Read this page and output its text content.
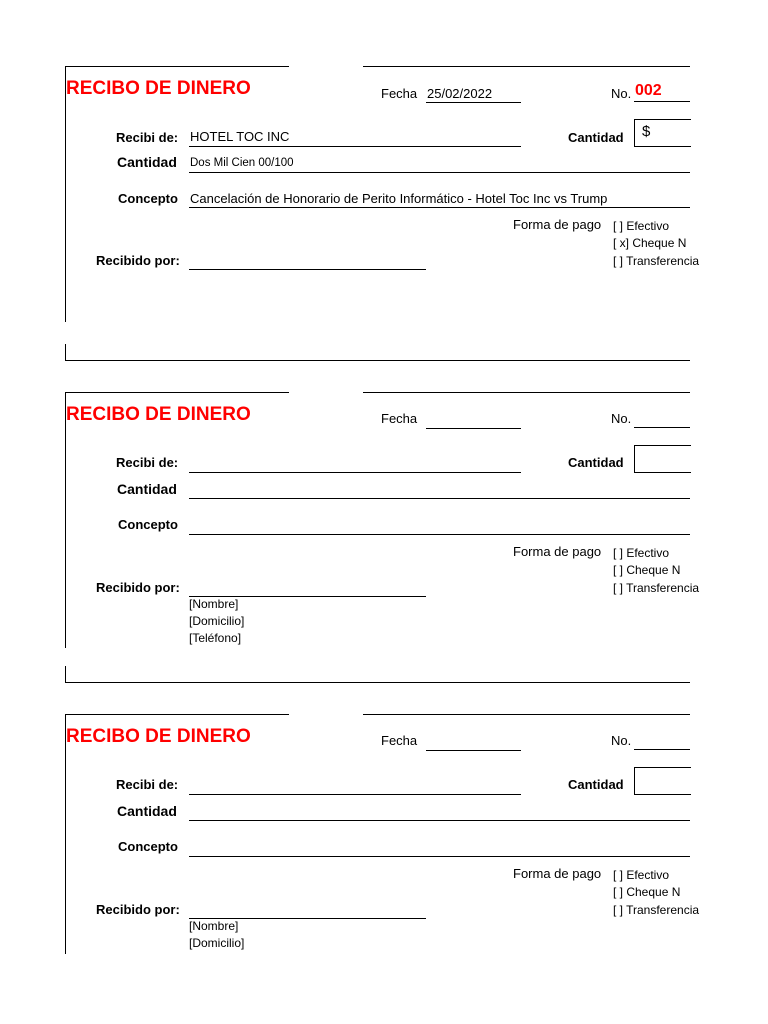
RECIBO DE DINERO	Fecha 25/02/2022	No. 002
Recibi de: HOTEL TOC INC	Cantidad $
Cantidad Dos Mil Cien 00/100
Concepto Cancelación de Honorario de Perito Informático - Hotel Toc Inc vs Trump
Forma de pago [ ] Efectivo
[ x] Cheque N
[ ] Transferencia
Recibido por:
RECIBO DE DINERO	Fecha	No.
Recibi de:	Cantidad
Cantidad
Concepto
Forma de pago [ ] Efectivo
[ ] Cheque N
[ ] Transferencia
Recibido por:
[Nombre]
[Domicilio]
[Teléfono]
RECIBO DE DINERO	Fecha	No.
Recibi de:	Cantidad
Cantidad
Concepto
Forma de pago [ ] Efectivo
[ ] Cheque N
[ ] Transferencia
Recibido por:
[Nombre]
[Domicilio]
